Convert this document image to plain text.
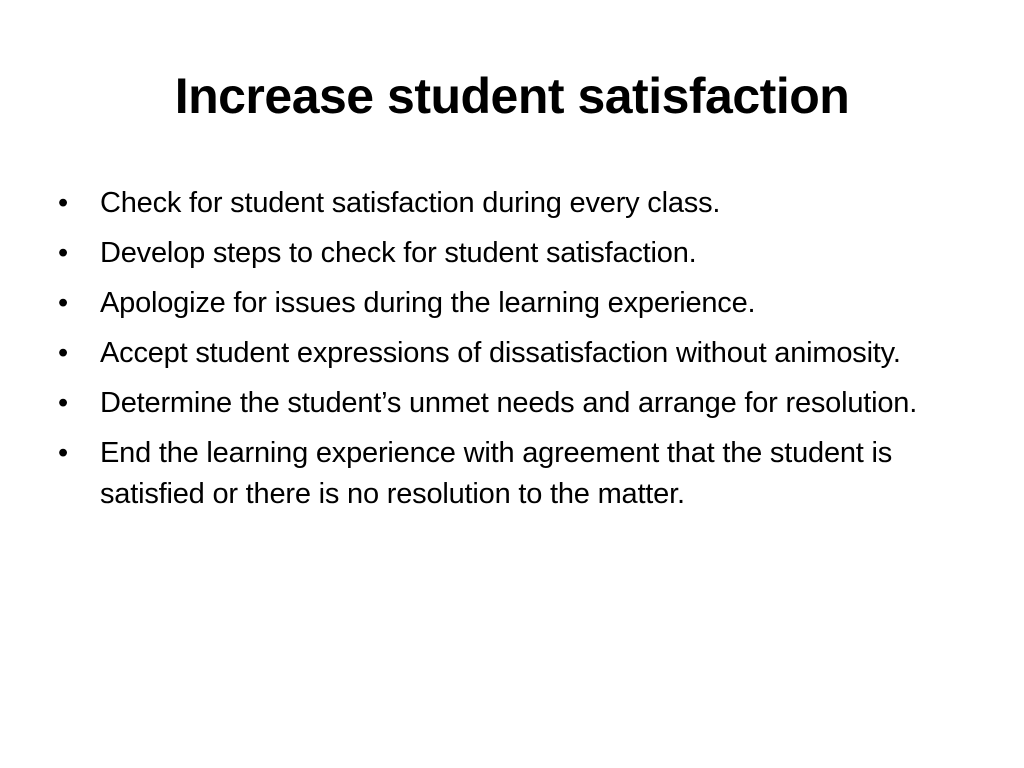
Increase student satisfaction
•	Check for student satisfaction during every class.
•	Develop steps to check for student satisfaction.
•	Apologize for issues during the learning experience.
•	Accept student expressions of dissatisfaction without animosity.
•	Determine the student’s unmet needs and arrange for resolution.
•	End the learning experience with agreement that the student is satisfied or there is no resolution to the matter.
